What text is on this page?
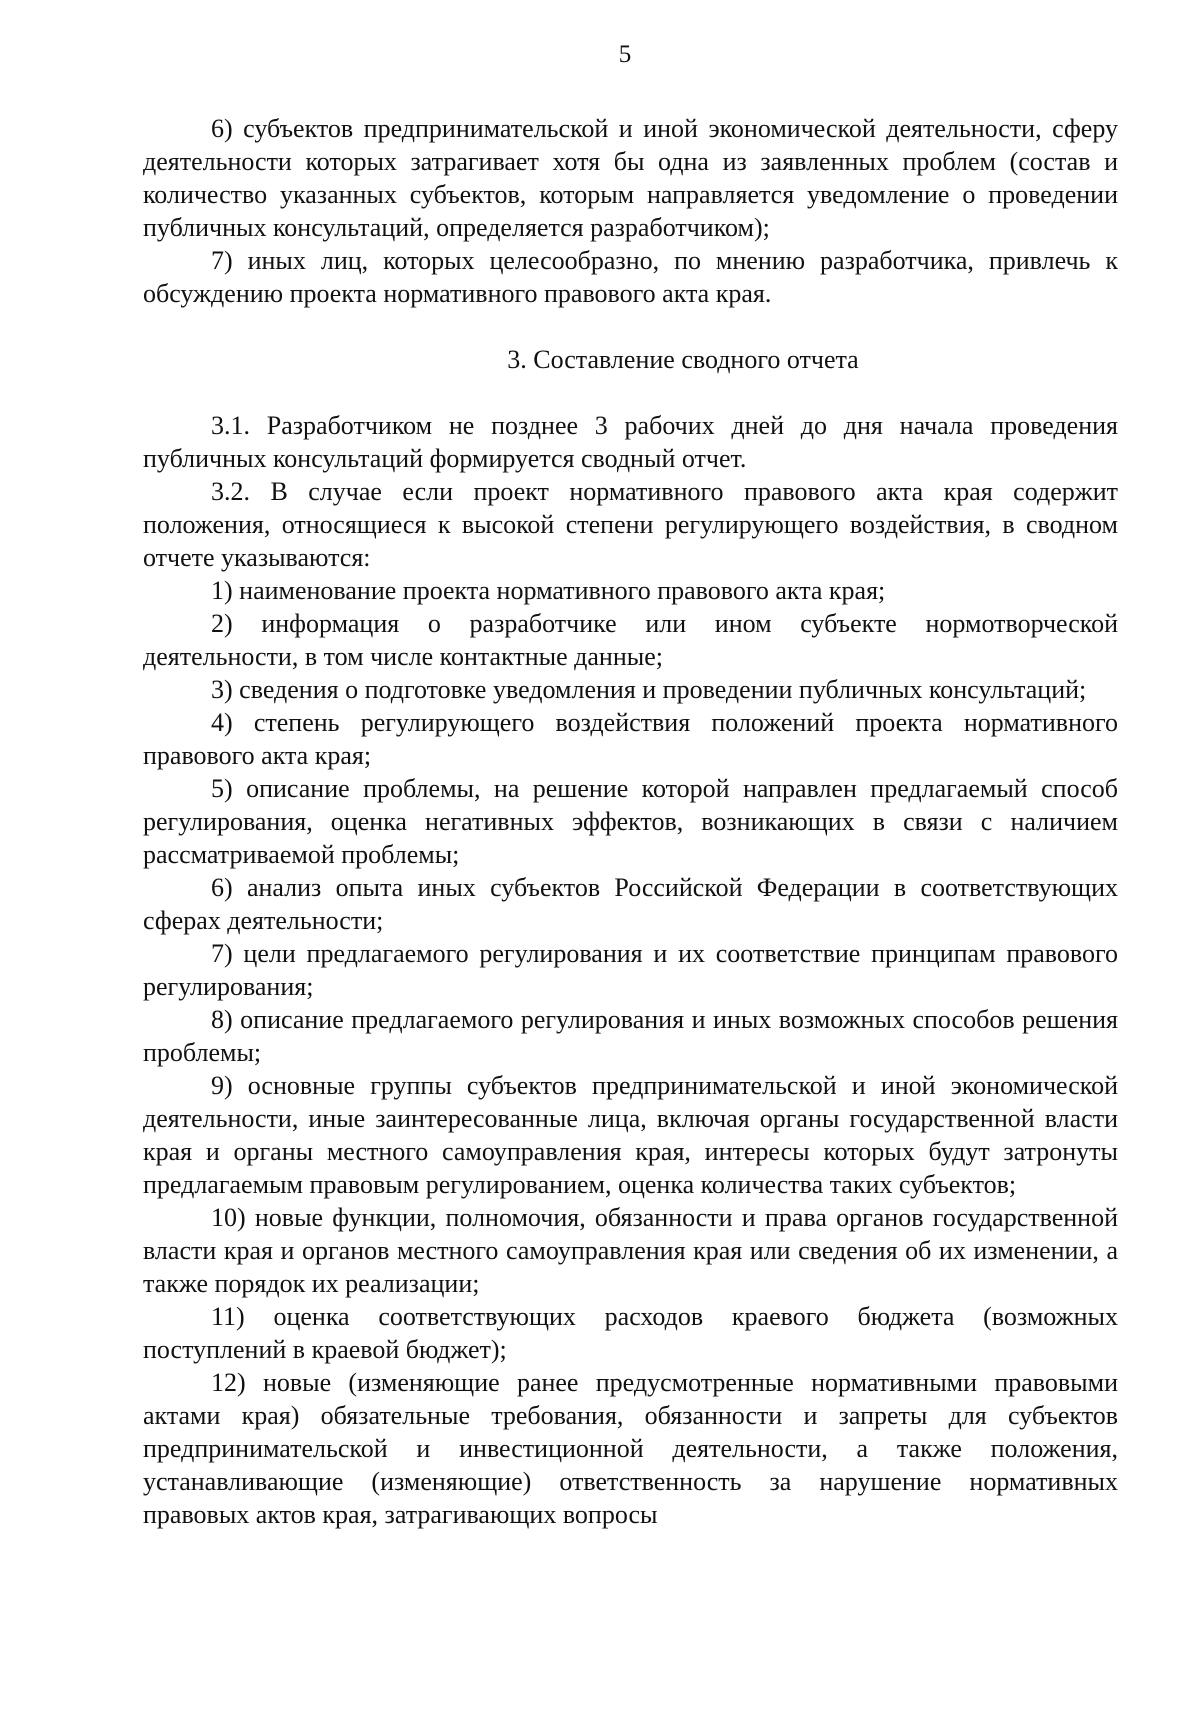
5

6) субъектов предпринимательской и иной экономической деятельности, сферу деятельности которых затрагивает хотя бы одна из заявленных проблем (состав и количество указанных субъектов, которым направляется уведомление о проведении публичных консультаций, определяется разработчиком);

7) иных лиц, которых целесообразно, по мнению разработчика, привлечь к обсуждению проекта нормативного правового акта края.

3. Составление сводного отчета

3.1. Разработчиком не позднее 3 рабочих дней до дня начала проведения публичных консультаций формируется сводный отчет.

3.2. В случае если проект нормативного правового акта края содержит положения, относящиеся к высокой степени регулирующего воздействия, в сводном отчете указываются:

1) наименование проекта нормативного правового акта края;

2) информация о разработчике или ином субъекте нормотворческой деятельности, в том числе контактные данные;

3) сведения о подготовке уведомления и проведении публичных консультаций;

4) степень регулирующего воздействия положений проекта нормативного правового акта края;

5) описание проблемы, на решение которой направлен предлагаемый способ регулирования, оценка негативных эффектов, возникающих в связи с наличием рассматриваемой проблемы;

6) анализ опыта иных субъектов Российской Федерации в соответствующих сферах деятельности;

7) цели предлагаемого регулирования и их соответствие принципам правового регулирования;

8) описание предлагаемого регулирования и иных возможных способов решения проблемы;

9) основные группы субъектов предпринимательской и иной экономической деятельности, иные заинтересованные лица, включая органы государственной власти края и органы местного самоуправления края, интересы которых будут затронуты предлагаемым правовым регулированием, оценка количества таких субъектов;

10) новые функции, полномочия, обязанности и права органов государственной власти края и органов местного самоуправления края или сведения об их изменении, а также порядок их реализации;

11) оценка соответствующих расходов краевого бюджета (возможных поступлений в краевой бюджет);

12) новые (изменяющие ранее предусмотренные нормативными правовыми актами края) обязательные требования, обязанности и запреты для субъектов предпринимательской и инвестиционной деятельности, а также положения, устанавливающие (изменяющие) ответственность за нарушение нормативных правовых актов края, затрагивающих вопросы
